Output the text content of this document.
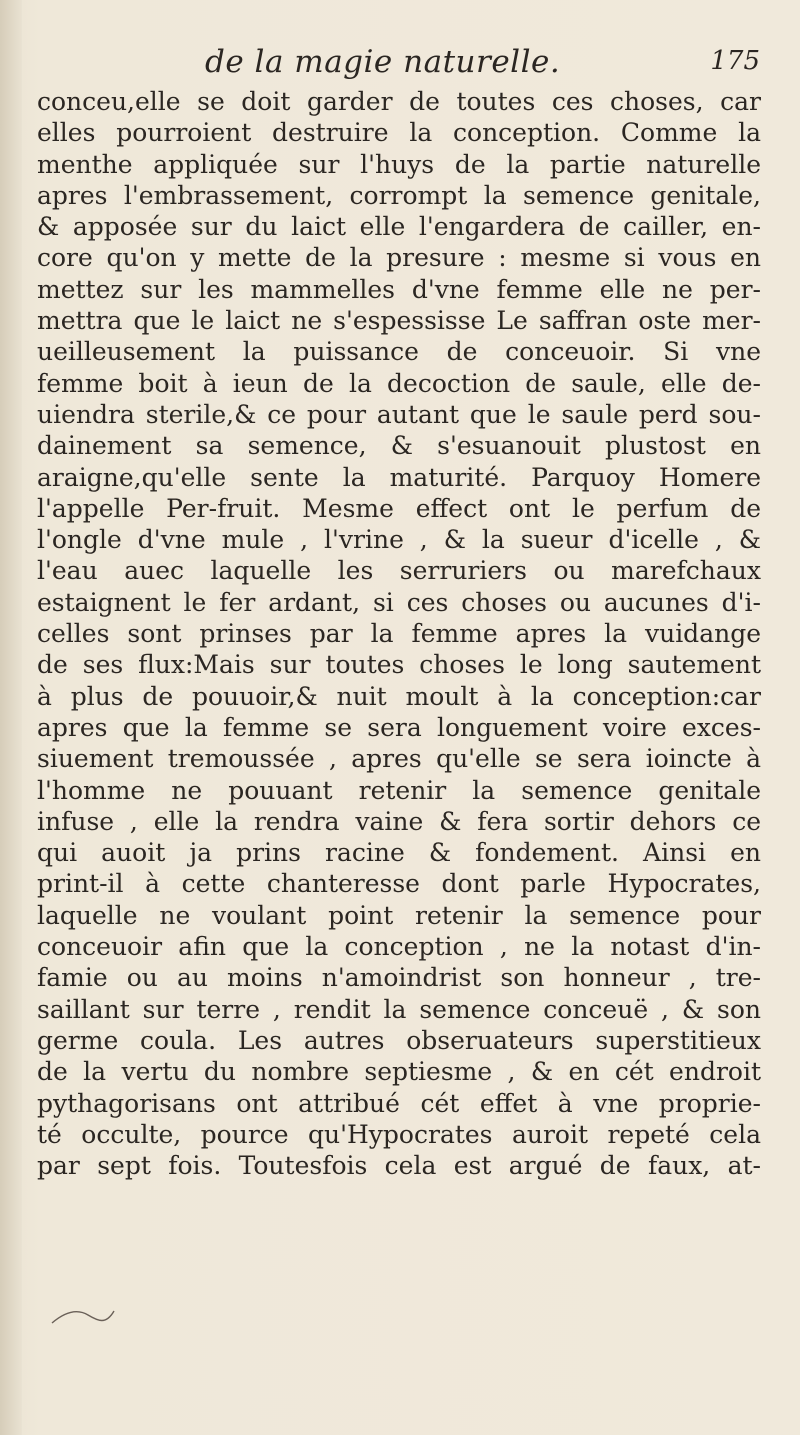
de la magie naturelle.	175
conceu,elle se doit garder de toutes ces choses, car
elles pourroient destruire la conception. Comme la
menthe appliquée sur l'huys de la partie naturelle
apres l'embrassement, corrompt la semence genitale,
& apposée sur du laict elle l'engardera de cailler, en-
core qu'on y mette de la presure : mesme si vous en
mettez sur les mammelles d'vne femme elle ne per-
mettra que le laict ne s'espessisse Le saffran oste mer-
ueilleusement la puissance de conceuoir. Si vne
femme boit à ieun de la decoction de saule, elle de-
uiendra sterile,& ce pour autant que le saule perd sou-
dainement sa semence, & s'esuanouit plustost en
araigne,qu'elle sente la maturité. Parquoy Homere
l'appelle Per-fruit. Mesme effect ont le perfum de
l'ongle d'vne mule , l'vrine , & la sueur d'icelle , &
l'eau auec laquelle les serruriers ou marefchaux
estaignent le fer ardant, si ces choses ou aucunes d'i-
celles sont prinses par la femme apres la vuidange
de ses flux:Mais sur toutes choses le long sautement
à plus de pouuoir,& nuit moult à la conception:car
apres que la femme se sera longuement voire exces-
siuement tremoussée , apres qu'elle se sera ioincte à
l'homme ne pouuant retenir la semence genitale
infuse , elle la rendra vaine & fera sortir dehors ce
qui auoit ja prins racine & fondement. Ainsi en
print-il à cette chanteresse dont parle Hypocrates,
laquelle ne voulant point retenir la semence pour
conceuoir afin que la conception , ne la notast d'in-
famie ou au moins n'amoindrist son honneur , tre-
saillant sur terre , rendit la semence conceuë , & son
germe coula. Les autres obseruateurs superstitieux
de la vertu du nombre septiesme , & en cét endroit
pythagorisans ont attribué cét effet à vne proprie-
té occulte, pource qu'Hypocrates auroit repeté cela
par sept fois. Toutesfois cela est argué de faux, at-
